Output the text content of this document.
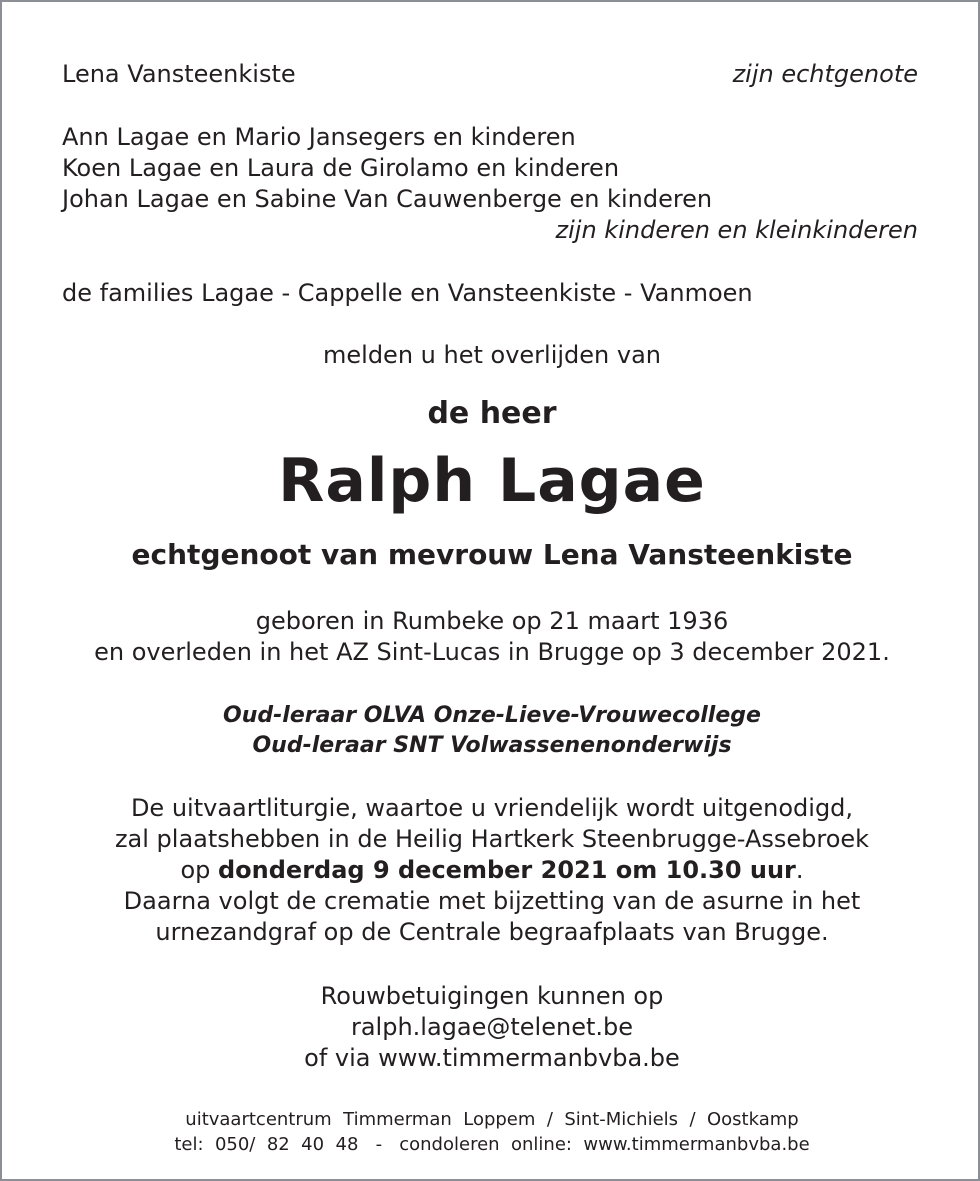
Lena Vansteenkiste	zijn echtgenote
Ann Lagae en Mario Jansegers en kinderen
Koen Lagae en Laura de Girolamo en kinderen
Johan Lagae en Sabine Van Cauwenberge en kinderen
zijn kinderen en kleinkinderen
de families Lagae - Cappelle en Vansteenkiste - Vanmoen
melden u het overlijden van
de heer
Ralph Lagae
echtgenoot van mevrouw Lena Vansteenkiste
geboren in Rumbeke op 21 maart 1936
en overleden in het AZ Sint-Lucas in Brugge op 3 december 2021.
Oud-leraar OLVA Onze-Lieve-Vrouwecollege
Oud-leraar SNT Volwassenenonderwijs
De uitvaartliturgie, waartoe u vriendelijk wordt uitgenodigd,
zal plaatshebben in de Heilig Hartkerk Steenbrugge-Assebroek
op donderdag 9 december 2021 om 10.30 uur.
Daarna volgt de crematie met bijzetting van de asurne in het
urnezandgraf op de Centrale begraafplaats van Brugge.
Rouwbetuigingen kunnen op
ralph.lagae@telenet.be
of via www.timmermanbvba.be
uitvaartcentrum  Timmerman  Loppem  /  Sint-Michiels  /  Oostkamp
tel:  050/  82  40  48   -   condoleren  online:  www.timmermanbvba.be
